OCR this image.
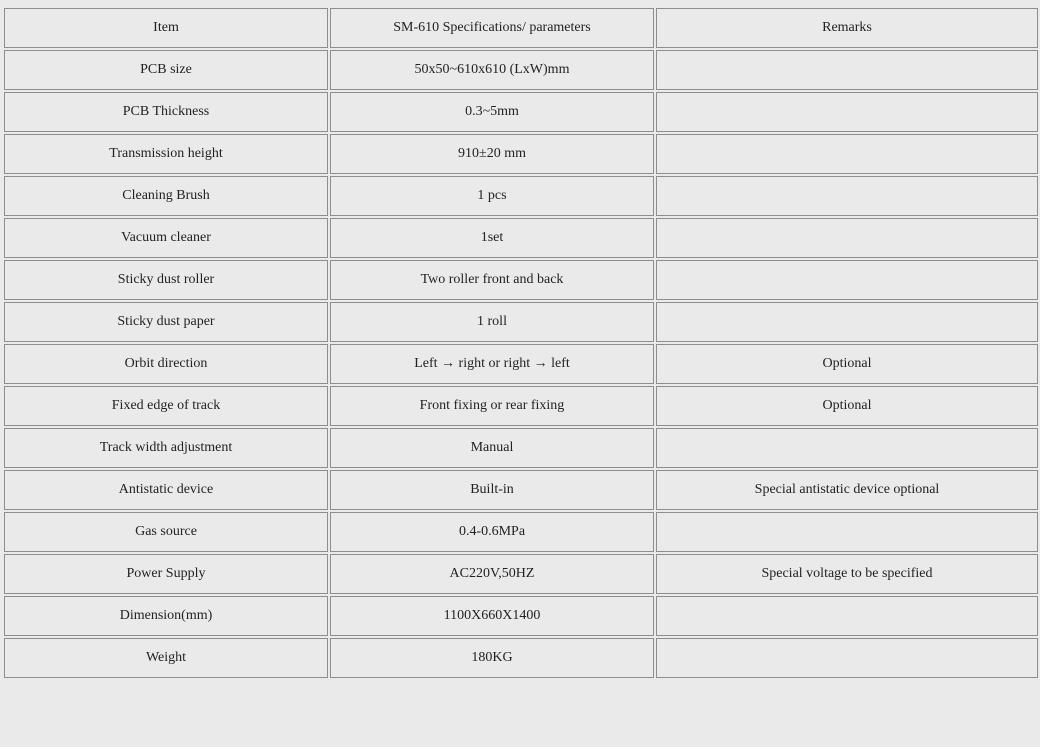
Item	SM-610 Specifications/ parameters	Remarks
PCB size	50x50~610x610 (LxW)mm	
PCB Thickness	0.3~5mm	
Transmission height	910±20 mm	
Cleaning Brush	1 pcs	
Vacuum cleaner	1set	
Sticky dust roller	Two roller front and back	
Sticky dust paper	1 roll	
Orbit direction	Left → right or right → left	Optional
Fixed edge of track	Front fixing or rear fixing	Optional
Track width adjustment	Manual	
Antistatic device	Built-in	Special antistatic device optional
Gas source	0.4-0.6MPa	
Power Supply	AC220V,50HZ	Special voltage to be specified
Dimension(mm)	1100X660X1400	
Weight	180KG	
